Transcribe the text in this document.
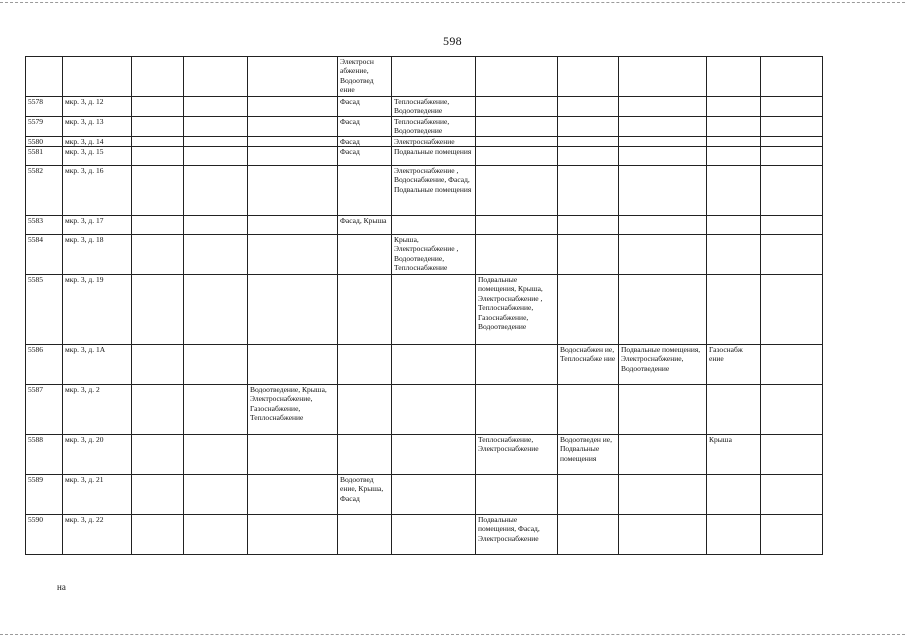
598
					Электросн абжение, Водоотвед ение						
5578	мкр. 3, д. 12				Фасад	Теплоснабжение, Водоотведение					
5579	мкр. 3, д. 13				Фасад	Теплоснабжение, Водоотведение					
5580	мкр. 3, д. 14				Фасад	Электроснабжение					
5581	мкр. 3, д. 15				Фасад	Подвальные помещения					
5582	мкр. 3, д. 16					Электроснабжение , Водоснабжение, Фасад, Подвальные помещения					
5583	мкр. 3, д. 17				Фасад, Крыша						
5584	мкр. 3, д. 18					Крыша, Электроснабжение , Водоотведение, Теплоснабжение					
5585	мкр. 3, д. 19						Подвальные помещения, Крыша, Электроснабжение , Теплоснабжение, Газоснабжение, Водоотведение				
5586	мкр. 3, д. 1А							Водоснабжен ие, Теплоснабже ние	Подвальные помещения, Электроснабжение, Водоотведение	Газоснабж ение	
5587	мкр. 3, д. 2			Водоотведение, Крыша, Электроснабжение, Газоснабжение, Теплоснабжение							
5588	мкр. 3, д. 20						Теплоснабжение, Электроснабжение	Водоотведен ие, Подвальные помещения		Крыша	
5589	мкр. 3, д. 21				Водоотвед ение, Крыша, Фасад						
5590	мкр. 3, д. 22						Подвальные помещения, Фасад, Электроснабжение				
на
